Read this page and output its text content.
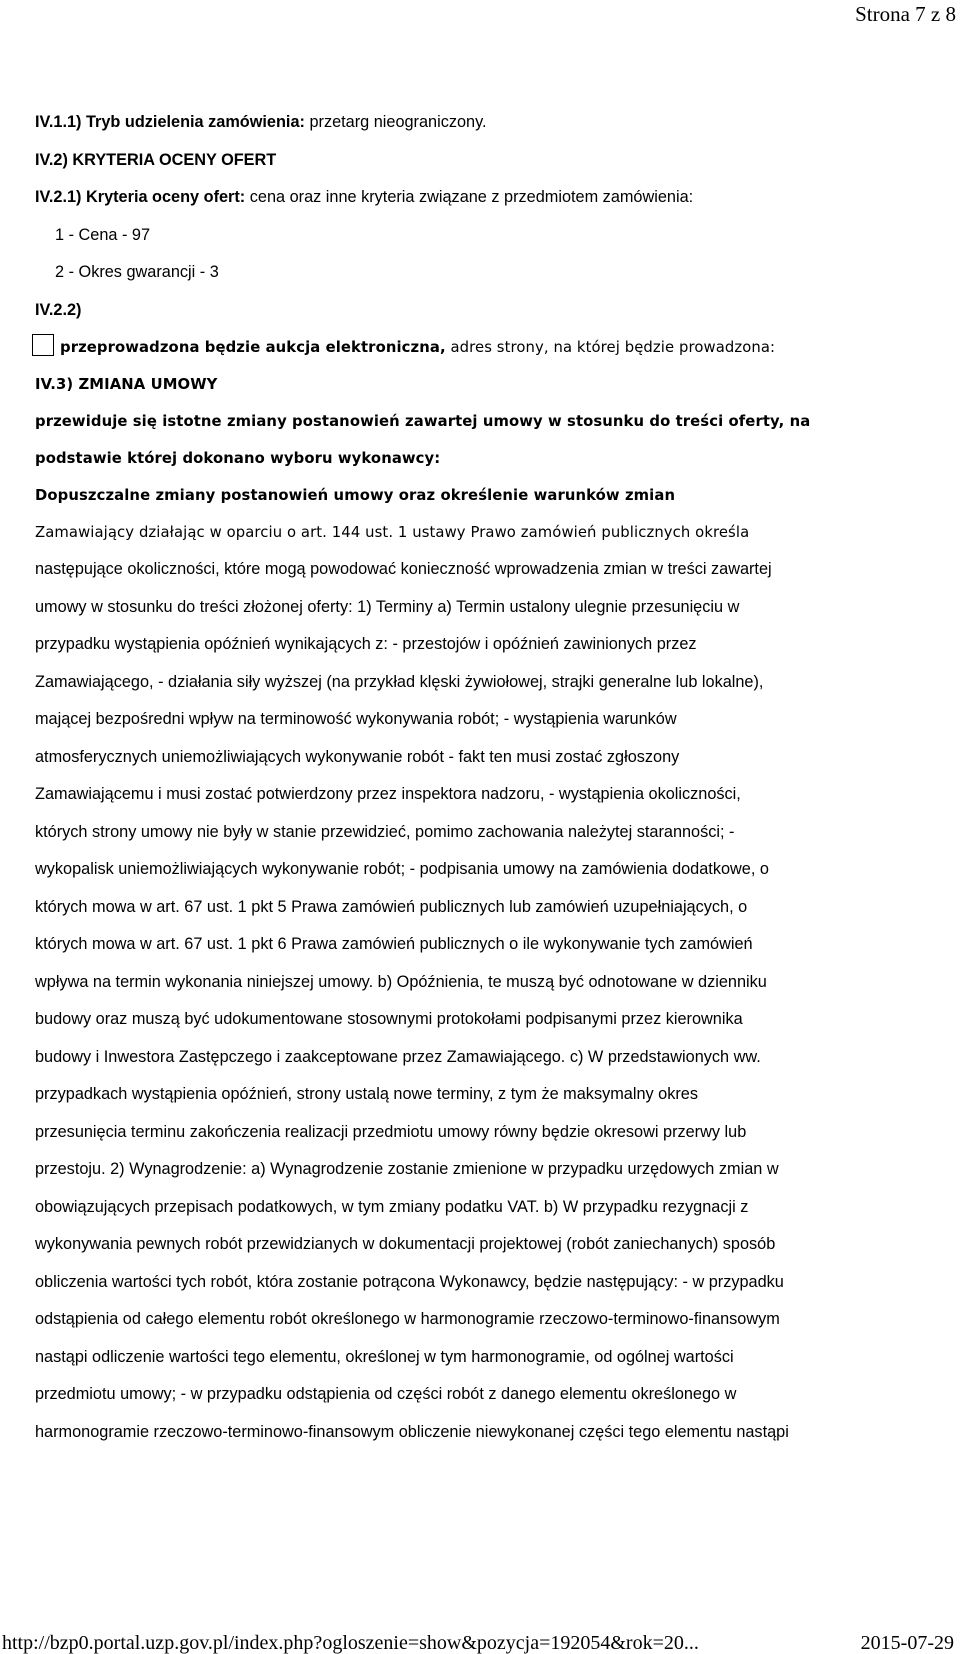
Strona 7 z 8
IV.1.1) Tryb udzielenia zamówienia: przetarg nieograniczony.
IV.2) KRYTERIA OCENY OFERT
IV.2.1) Kryteria oceny ofert: cena oraz inne kryteria związane z przedmiotem zamówienia:
1 - Cena - 97
2 - Okres gwarancji - 3
IV.2.2)
przeprowadzona będzie aukcja elektroniczna, adres strony, na której będzie prowadzona:
IV.3) ZMIANA UMOWY
przewiduje się istotne zmiany postanowień zawartej umowy w stosunku do treści oferty, na
podstawie której dokonano wyboru wykonawcy:
Dopuszczalne zmiany postanowień umowy oraz określenie warunków zmian
Zamawiający działając w oparciu o art. 144 ust. 1 ustawy Prawo zamówień publicznych określa
następujące okoliczności, które mogą powodować konieczność wprowadzenia zmian w treści zawartej
umowy w stosunku do treści złożonej oferty: 1) Terminy a) Termin ustalony ulegnie przesunięciu w
przypadku wystąpienia opóźnień wynikających z: - przestojów i opóźnień zawinionych przez
Zamawiającego, - działania siły wyższej (na przykład klęski żywiołowej, strajki generalne lub lokalne),
mającej bezpośredni wpływ na terminowość wykonywania robót; - wystąpienia warunków
atmosferycznych uniemożliwiających wykonywanie robót - fakt ten musi zostać zgłoszony
Zamawiającemu i musi zostać potwierdzony przez inspektora nadzoru, - wystąpienia okoliczności,
których strony umowy nie były w stanie przewidzieć, pomimo zachowania należytej staranności; -
wykopalisk uniemożliwiających wykonywanie robót; - podpisania umowy na zamówienia dodatkowe, o
których mowa w art. 67 ust. 1 pkt 5 Prawa zamówień publicznych lub zamówień uzupełniających, o
których mowa w art. 67 ust. 1 pkt 6 Prawa zamówień publicznych o ile wykonywanie tych zamówień
wpływa na termin wykonania niniejszej umowy. b) Opóźnienia, te muszą być odnotowane w dzienniku
budowy oraz muszą być udokumentowane stosownymi protokołami podpisanymi przez kierownika
budowy i Inwestora Zastępczego i zaakceptowane przez Zamawiającego. c) W przedstawionych ww.
przypadkach wystąpienia opóźnień, strony ustalą nowe terminy, z tym że maksymalny okres
przesunięcia terminu zakończenia realizacji przedmiotu umowy równy będzie okresowi przerwy lub
przestoju. 2) Wynagrodzenie: a) Wynagrodzenie zostanie zmienione w przypadku urzędowych zmian w
obowiązujących przepisach podatkowych, w tym zmiany podatku VAT. b) W przypadku rezygnacji z
wykonywania pewnych robót przewidzianych w dokumentacji projektowej (robót zaniechanych) sposób
obliczenia wartości tych robót, która zostanie potrącona Wykonawcy, będzie następujący: - w przypadku
odstąpienia od całego elementu robót określonego w harmonogramie rzeczowo-terminowo-finansowym
nastąpi odliczenie wartości tego elementu, określonej w tym harmonogramie, od ogólnej wartości
przedmiotu umowy; - w przypadku odstąpienia od części robót z danego elementu określonego w
harmonogramie rzeczowo-terminowo-finansowym obliczenie niewykonanej części tego elementu nastąpi
http://bzp0.portal.uzp.gov.pl/index.php?ogloszenie=show&pozycja=192054&rok=20...	2015-07-29
